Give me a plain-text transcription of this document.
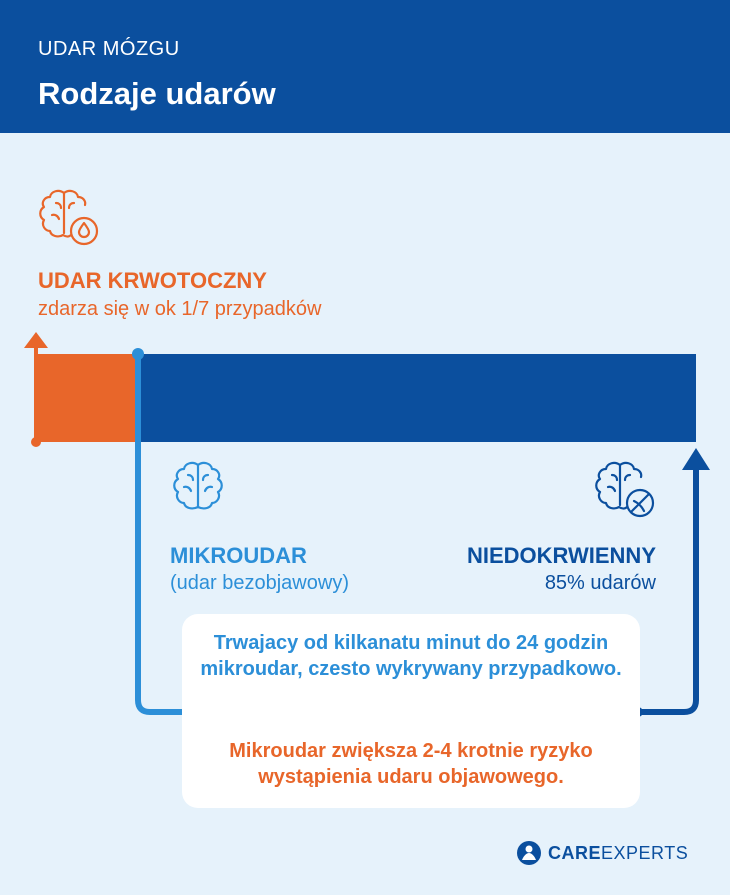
UDAR MÓZGU
Rodzaje udarów
UDAR KRWOTOCZNY
zdarza się w ok 1/7 przypadków
MIKROUDAR
(udar bezobjawowy)
NIEDOKRWIENNY
85% udarów
Trwajacy od kilkanatu minut do 24 godzin mikroudar, czesto wykrywany przypadkowo.
Mikroudar zwiększa 2-4 krotnie ryzyko wystąpienia udaru objawowego.
CARE EXPERTS
